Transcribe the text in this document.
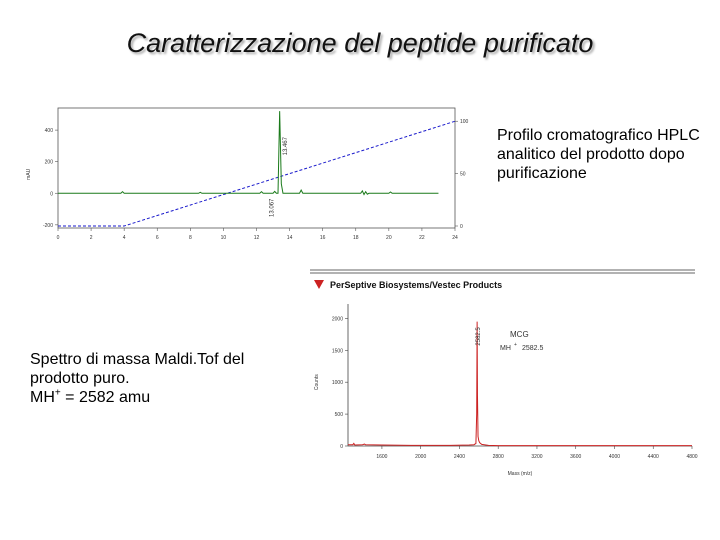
Caratterizzazione del peptide purificato
0	2	4	6	8	10	12	14	16	18	20	22	24
-200
0
200
400
0
50
100
mAU
13.467
13.067
Profilo cromatografico HPLC analitico del prodotto dopo purificazione
PerSeptive Biosystems/Vestec Products
0
500
1000
1500
2000
1600	2000	2400	2800	3200	3600	4000	4400	4800
Mass (m/z)
Counts
2582.5	MCG
MH + 2582.5
Spettro di massa Maldi.Tof del
prodotto puro.
MH+ = 2582 amu
